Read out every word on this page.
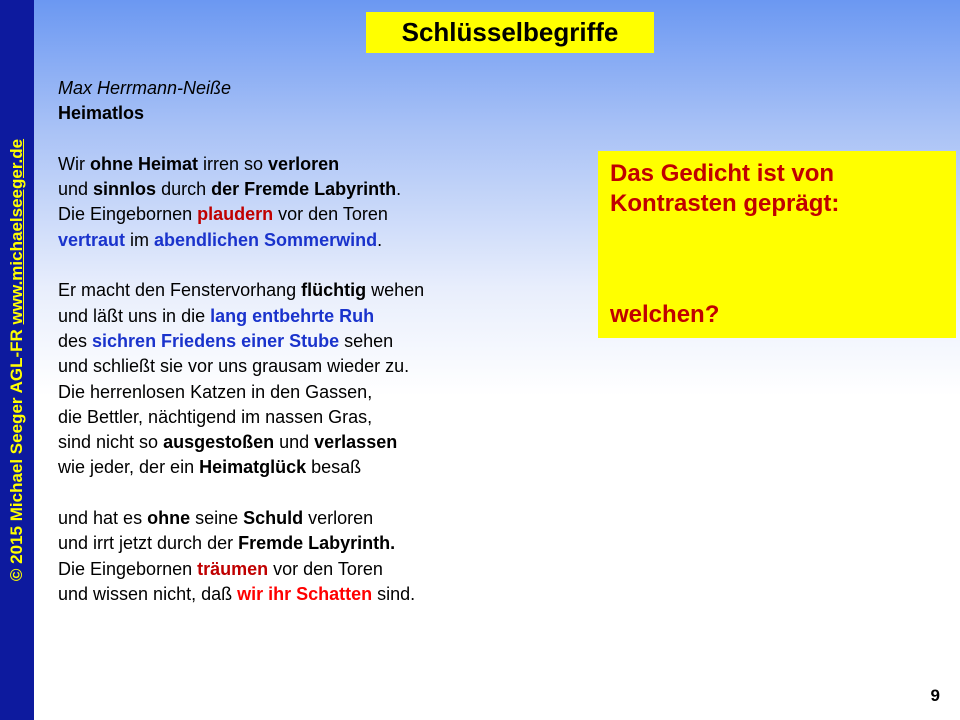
© 2015 Michael Seeger AGL-FR www.michaelseeger.de
Schlüsselbegriffe
Max Herrmann-Neiße
Heimatlos
Wir ohne Heimat irren so verloren
und sinnlos durch der Fremde Labyrinth.
Die Eingebornen plaudern vor den Toren
vertraut im abendlichen Sommerwind.
Er macht den Fenstervorhang flüchtig wehen
und läßt uns in die lang entbehrte Ruh
des sichren Friedens einer Stube sehen
und schließt sie vor uns grausam wieder zu.
Die herrenlosen Katzen in den Gassen,
die Bettler, nächtigend im nassen Gras,
sind nicht so ausgestoßen und verlassen
wie jeder, der ein Heimatglück besaß
und hat es ohne seine Schuld verloren
und irrt jetzt durch der Fremde Labyrinth.
Die Eingebornen träumen vor den Toren
und wissen nicht, daß wir ihr Schatten sind.
Das Gedicht ist von
Kontrasten geprägt:
welchen?
9
